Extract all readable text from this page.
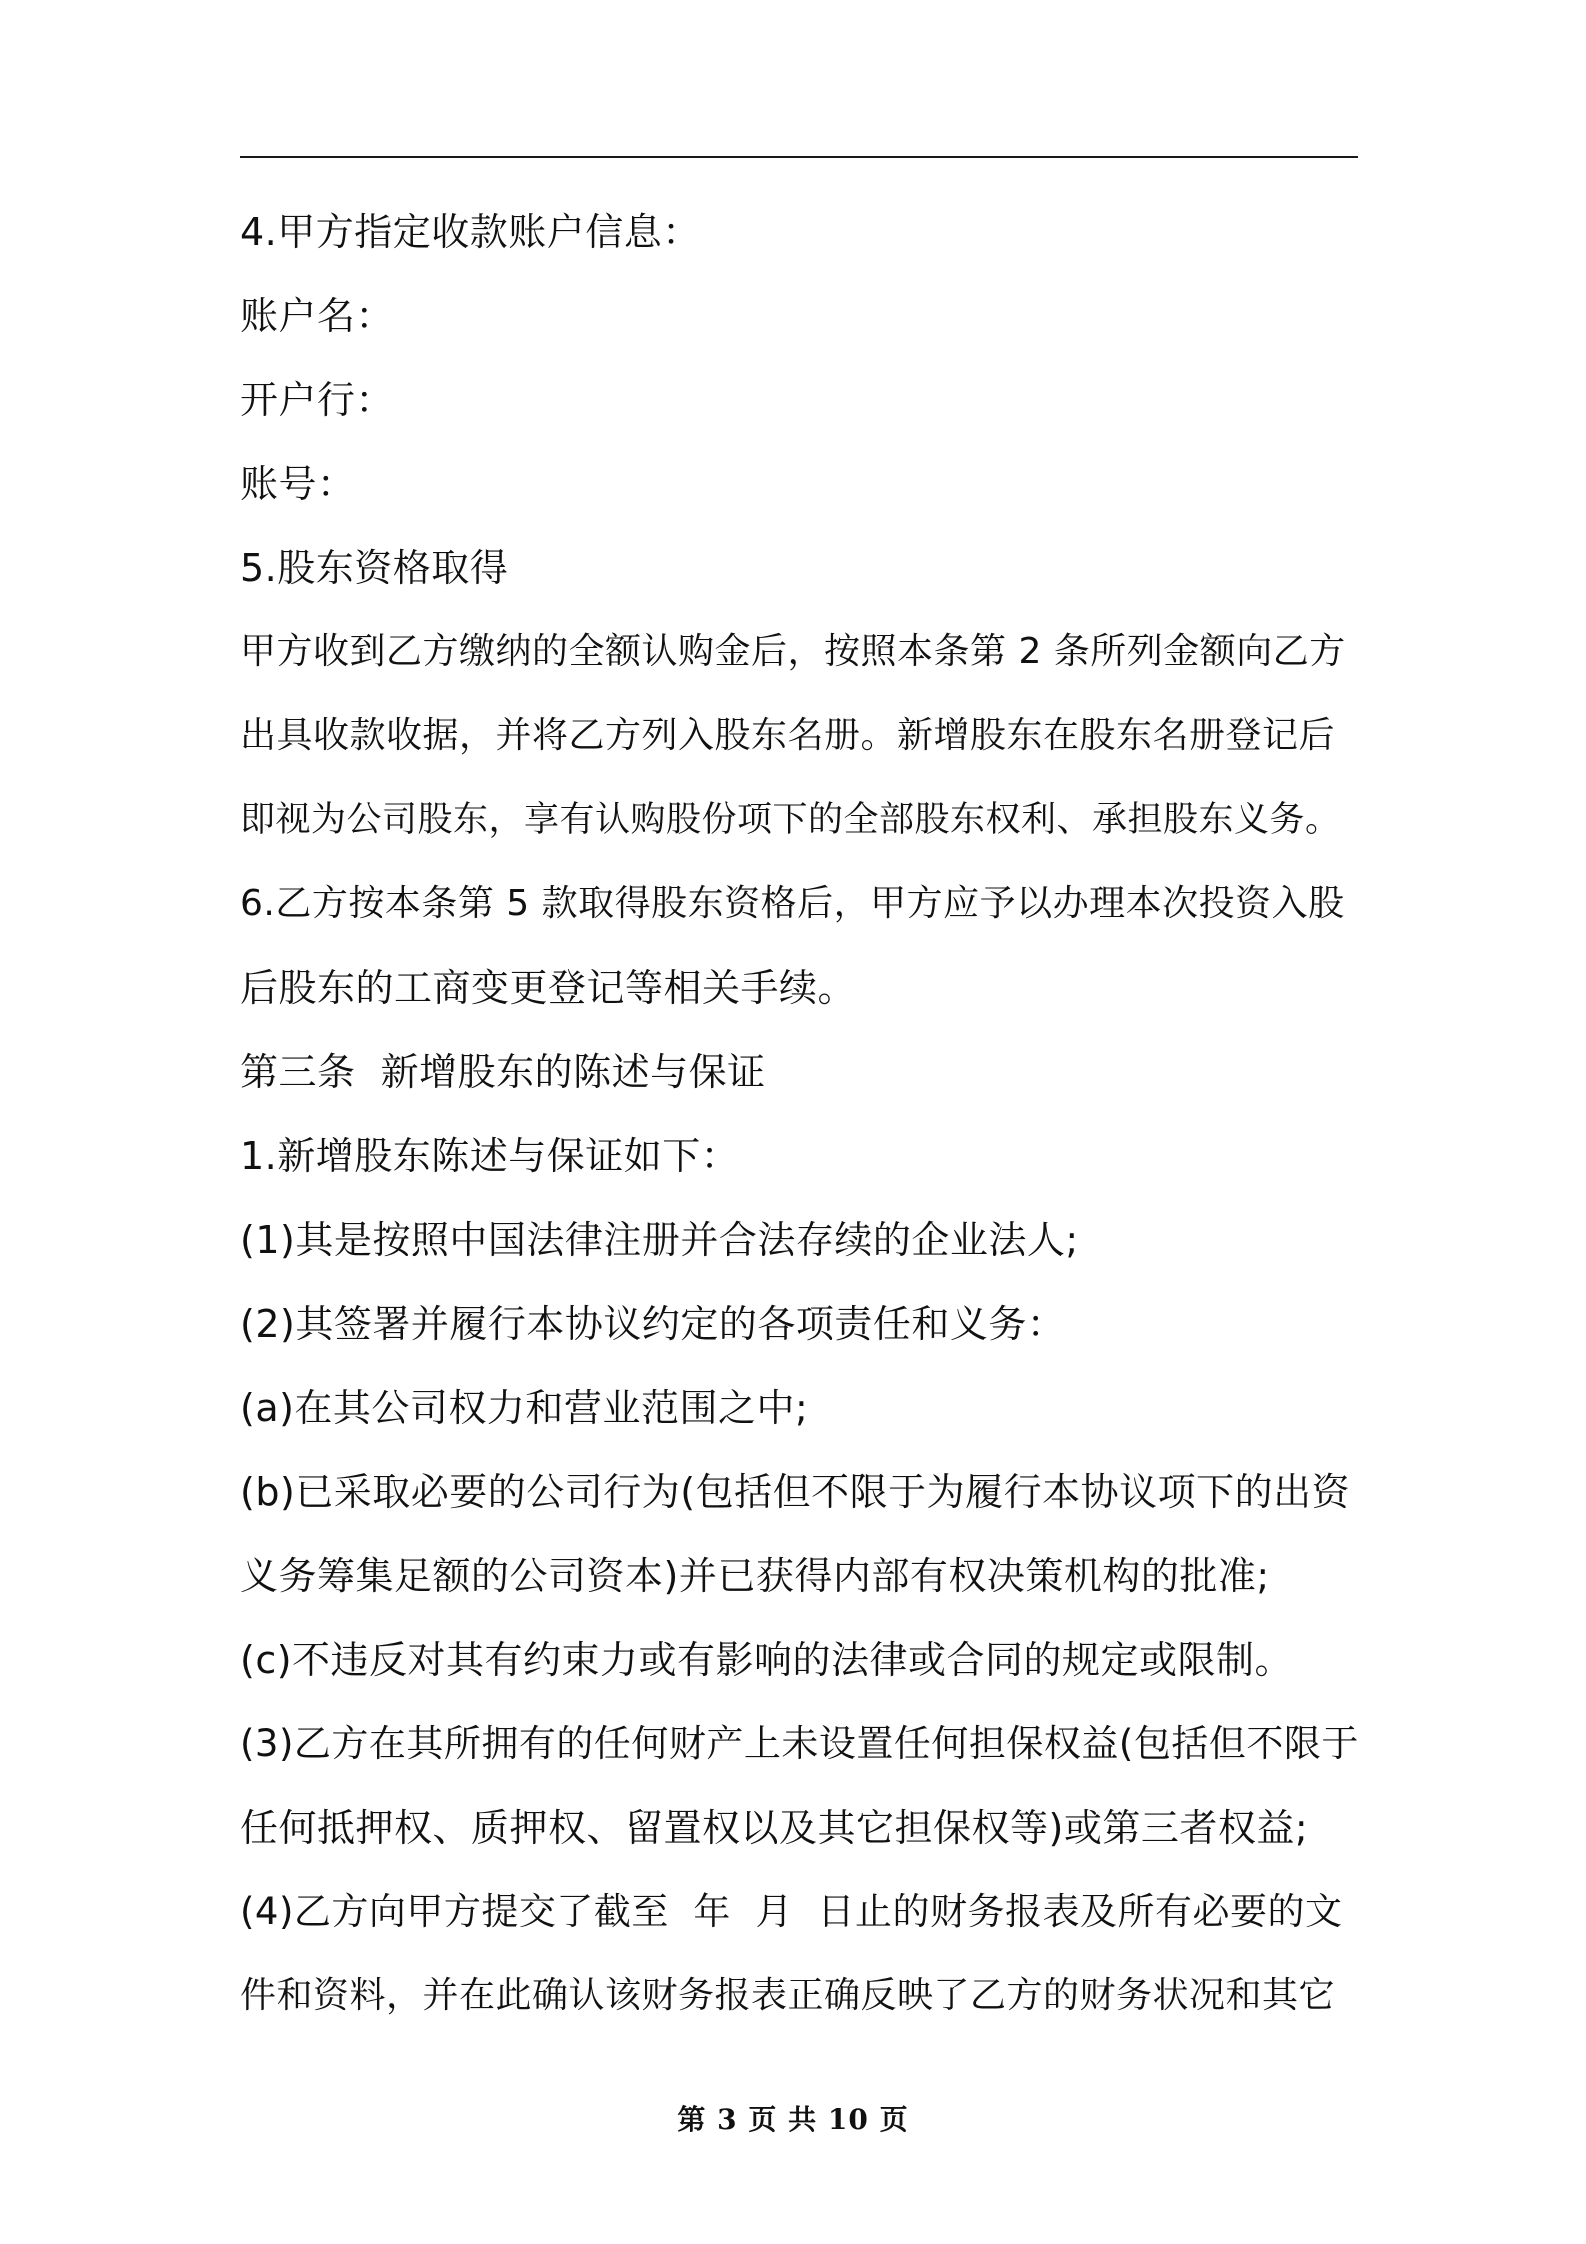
4.甲方指定收款账户信息：
账户名：
开户行：
账号：
5.股东资格取得
甲方收到乙方缴纳的全额认购金后，按照本条第 2 条所列金额向乙方
出具收款收据，并将乙方列入股东名册。新增股东在股东名册登记后
即视为公司股东，享有认购股份项下的全部股东权利、承担股东义务。
6.乙方按本条第 5 款取得股东资格后，甲方应予以办理本次投资入股
后股东的工商变更登记等相关手续。
第三条  新增股东的陈述与保证
1.新增股东陈述与保证如下：
(1)其是按照中国法律注册并合法存续的企业法人;
(2)其签署并履行本协议约定的各项责任和义务：
(a)在其公司权力和营业范围之中;
(b)已采取必要的公司行为(包括但不限于为履行本协议项下的出资
义务筹集足额的公司资本)并已获得内部有权决策机构的批准;
(c)不违反对其有约束力或有影响的法律或合同的规定或限制。
(3)乙方在其所拥有的任何财产上未设置任何担保权益(包括但不限于
任何抵押权、质押权、留置权以及其它担保权等)或第三者权益;
(4)乙方向甲方提交了截至  年  月  日止的财务报表及所有必要的文
件和资料，并在此确认该财务报表正确反映了乙方的财务状况和其它
第 3 页 共 10 页
